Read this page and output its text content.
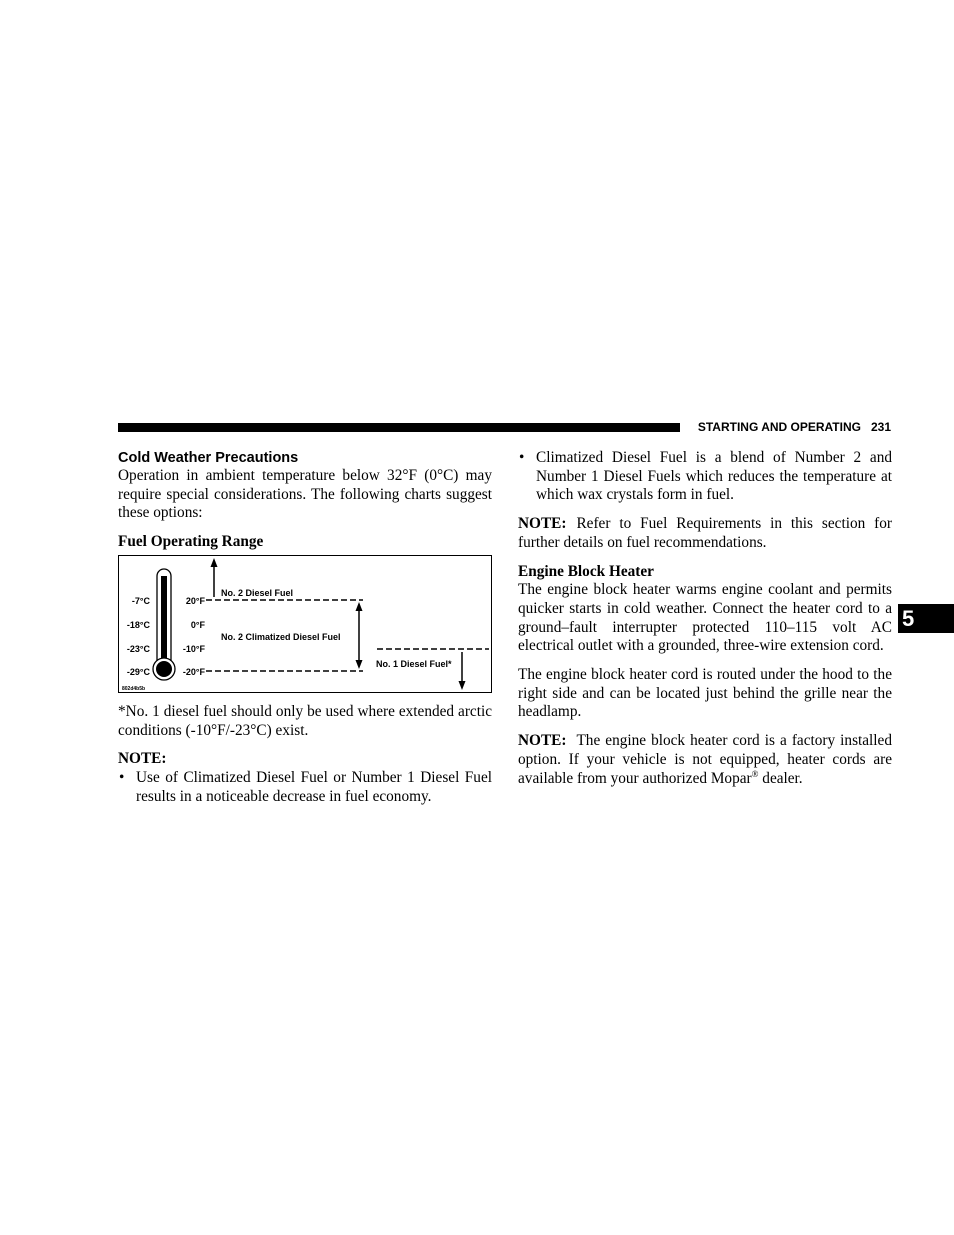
STARTING AND OPERATING 231
5
Cold Weather Precautions

Operation in ambient temperature below 32°F (0°C) may require special considerations. The following charts suggest these options:

Fuel Operating Range
-7°C
-18°C
-23°C
-29°C
20°F
0°F
-10°F
-20°F
No. 2 Diesel Fuel
No. 2 Climatized Diesel Fuel
No. 1 Diesel Fuel*
802d4b5b

*No. 1 diesel fuel should only be used where extended arctic conditions (-10°F/-23°C) exist.

NOTE:
• Use of Climatized Diesel Fuel or Number 1 Diesel Fuel results in a noticeable decrease in fuel economy.
• Climatized Diesel Fuel is a blend of Number 2 and Number 1 Diesel Fuels which reduces the temperature at which wax crystals form in fuel.

NOTE: Refer to Fuel Requirements in this section for further details on fuel recommendations.

Engine Block Heater

The engine block heater warms engine coolant and permits quicker starts in cold weather. Connect the heater cord to a ground–fault interrupter protected 110–115 volt AC electrical outlet with a grounded, three-wire extension cord.

The engine block heater cord is routed under the hood to the right side and can be located just behind the grille near the headlamp.

NOTE: The engine block heater cord is a factory installed option. If your vehicle is not equipped, heater cords are available from your authorized Mopar® dealer.
